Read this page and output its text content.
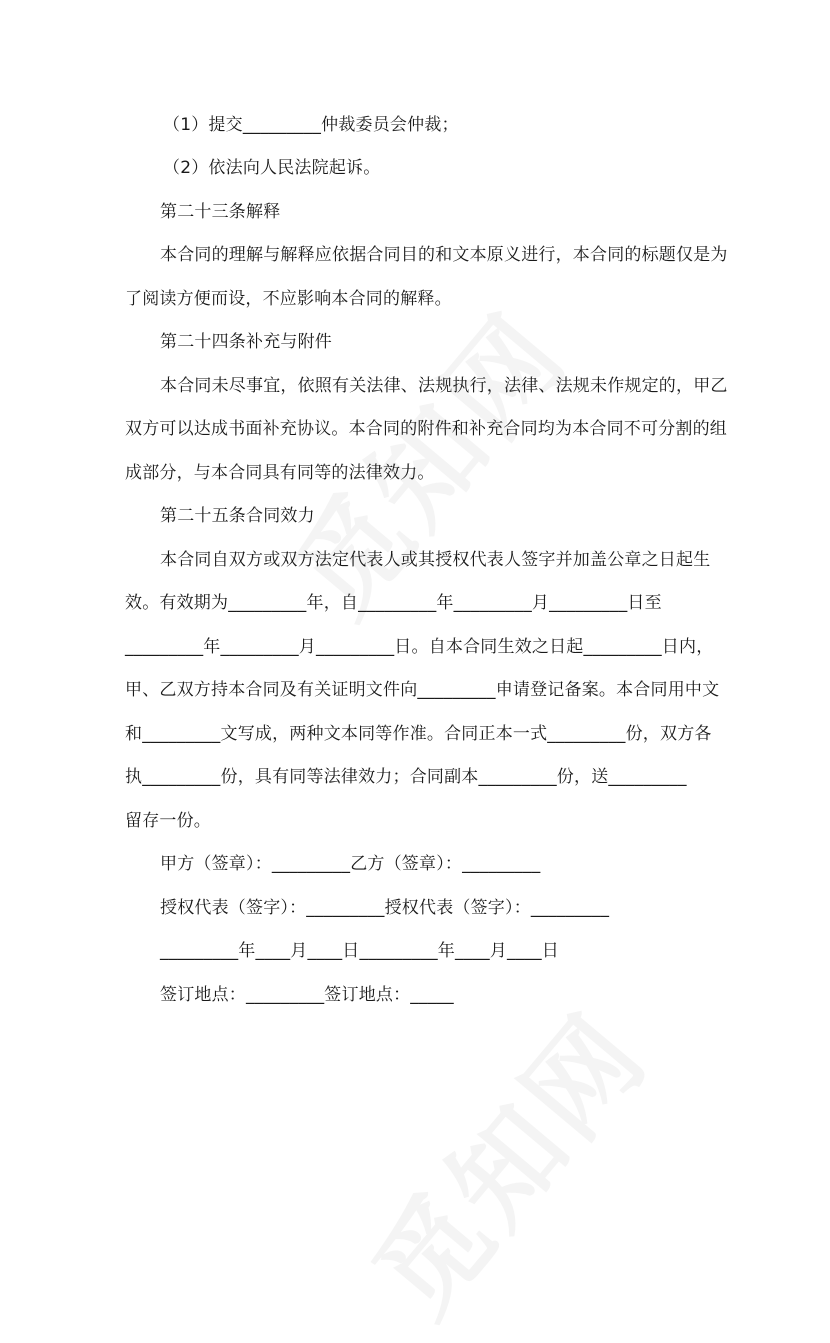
（1）提交_________仲裁委员会仲裁；
（2）依法向人民法院起诉。
第二十三条解释
本合同的理解与解释应依据合同目的和文本原义进行，本合同的标题仅是为
了阅读方便而设，不应影响本合同的解释。
第二十四条补充与附件
本合同未尽事宜，依照有关法律、法规执行，法律、法规未作规定的，甲乙
双方可以达成书面补充协议。本合同的附件和补充合同均为本合同不可分割的组
成部分，与本合同具有同等的法律效力。
第二十五条合同效力
本合同自双方或双方法定代表人或其授权代表人签字并加盖公章之日起生
效。有效期为_________年，自_________年_________月_________日至
_________年_________月_________日。自本合同生效之日起_________日内，
甲、乙双方持本合同及有关证明文件向_________申请登记备案。本合同用中文
和_________文写成，两种文本同等作准。合同正本一式_________份，双方各
执_________份，具有同等法律效力；合同副本_________份，送_________
留存一份。
甲方（签章）：_________乙方（签章）：_________
授权代表（签字）：_________授权代表（签字）：_________
_________年____月____日_________年____月____日
签订地点：_________签订地点：_____
